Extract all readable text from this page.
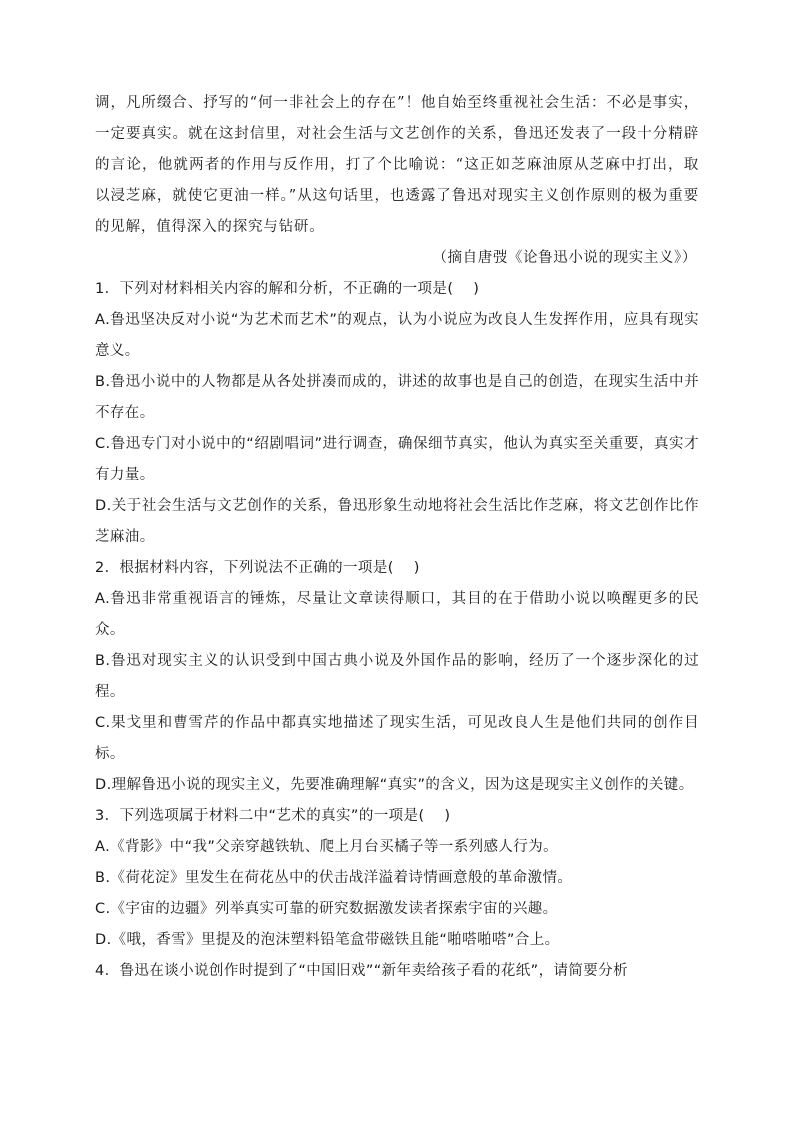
调，凡所缀合、抒写的“何一非社会上的存在”！他自始至终重视社会生活：不必是事实，一定要真实。就在这封信里，对社会生活与文艺创作的关系，鲁迅还发表了一段十分精辟的言论，他就两者的作用与反作用，打了个比喻说：“这正如芝麻油原从芝麻中打出，取以浸芝麻，就使它更油一样。”从这句话里，也透露了鲁迅对现实主义创作原则的极为重要的见解，值得深入的探究与钻研。

（摘自唐弢《论鲁迅小说的现实主义》）

1．下列对材料相关内容的解和分析，不正确的一项是(　 )

A.鲁迅坚决反对小说“为艺术而艺术”的观点，认为小说应为改良人生发挥作用，应具有现实意义。

B.鲁迅小说中的人物都是从各处拼凑而成的，讲述的故事也是自己的创造，在现实生活中并不存在。

C.鲁迅专门对小说中的“绍剧唱词”进行调查，确保细节真实，他认为真实至关重要，真实才有力量。

D.关于社会生活与文艺创作的关系，鲁迅形象生动地将社会生活比作芝麻，将文艺创作比作芝麻油。

2．根据材料内容，下列说法不正确的一项是(　 )

A.鲁迅非常重视语言的锤炼，尽量让文章读得顺口，其目的在于借助小说以唤醒更多的民众。

B.鲁迅对现实主义的认识受到中国古典小说及外国作品的影响，经历了一个逐步深化的过程。

C.果戈里和曹雪芹的作品中都真实地描述了现实生活，可见改良人生是他们共同的创作目标。

D.理解鲁迅小说的现实主义，先要准确理解“真实”的含义，因为这是现实主义创作的关键。

3．下列选项属于材料二中“艺术的真实”的一项是(　 )

A.《背影》中“我”父亲穿越铁轨、爬上月台买橘子等一系列感人行为。

B.《荷花淀》里发生在荷花丛中的伏击战洋溢着诗情画意般的革命激情。

C.《宇宙的边疆》列举真实可靠的研究数据激发读者探索宇宙的兴趣。

D.《哦，香雪》里提及的泡沫塑料铅笔盒带磁铁且能“啪嗒啪嗒”合上。

4．鲁迅在谈小说创作时提到了“中国旧戏”“新年卖给孩子看的花纸”，请简要分析
